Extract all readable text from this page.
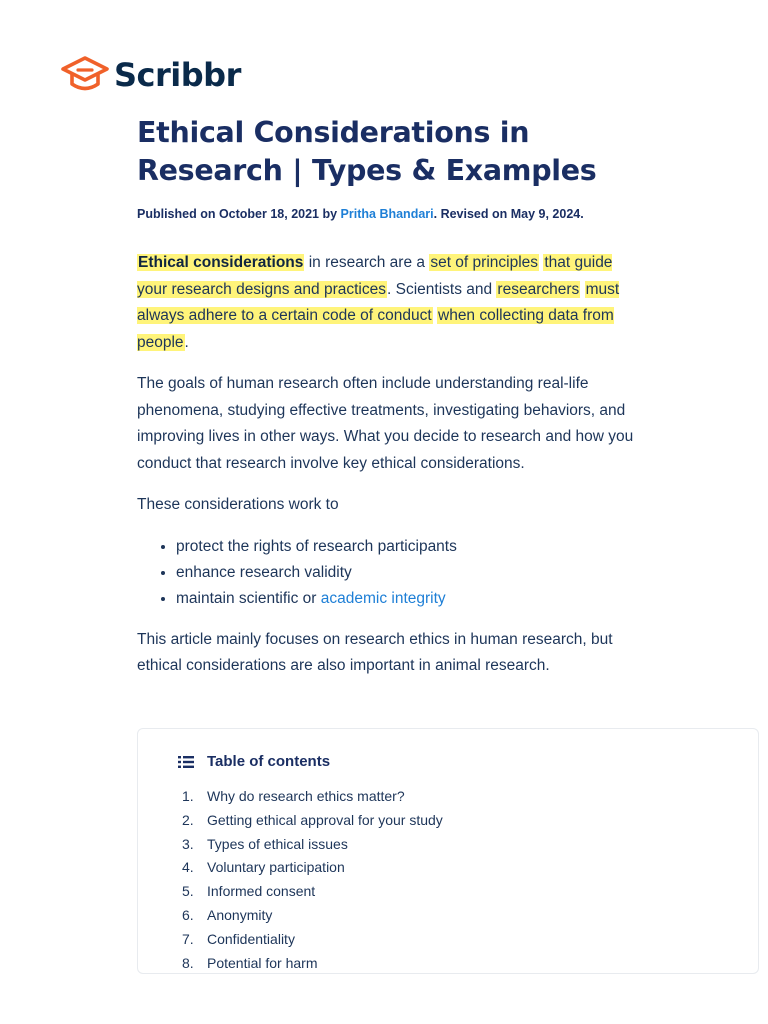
Scribbr
Ethical Considerations in
Research | Types & Examples
Published on October 18, 2021 by Pritha Bhandari. Revised on May 9, 2024.

Ethical considerations in research are a set of principles that guide your research designs and practices. Scientists and researchers must always adhere to a certain code of conduct when collecting data from people.

The goals of human research often include understanding real-life phenomena, studying effective treatments, investigating behaviors, and improving lives in other ways. What you decide to research and how you conduct that research involve key ethical considerations.

These considerations work to

• protect the rights of research participants
• enhance research validity
• maintain scientific or academic integrity

This article mainly focuses on research ethics in human research, but ethical considerations are also important in animal research.

Table of contents
1. Why do research ethics matter?
2. Getting ethical approval for your study
3. Types of ethical issues
4. Voluntary participation
5. Informed consent
6. Anonymity
7. Confidentiality
8. Potential for harm
